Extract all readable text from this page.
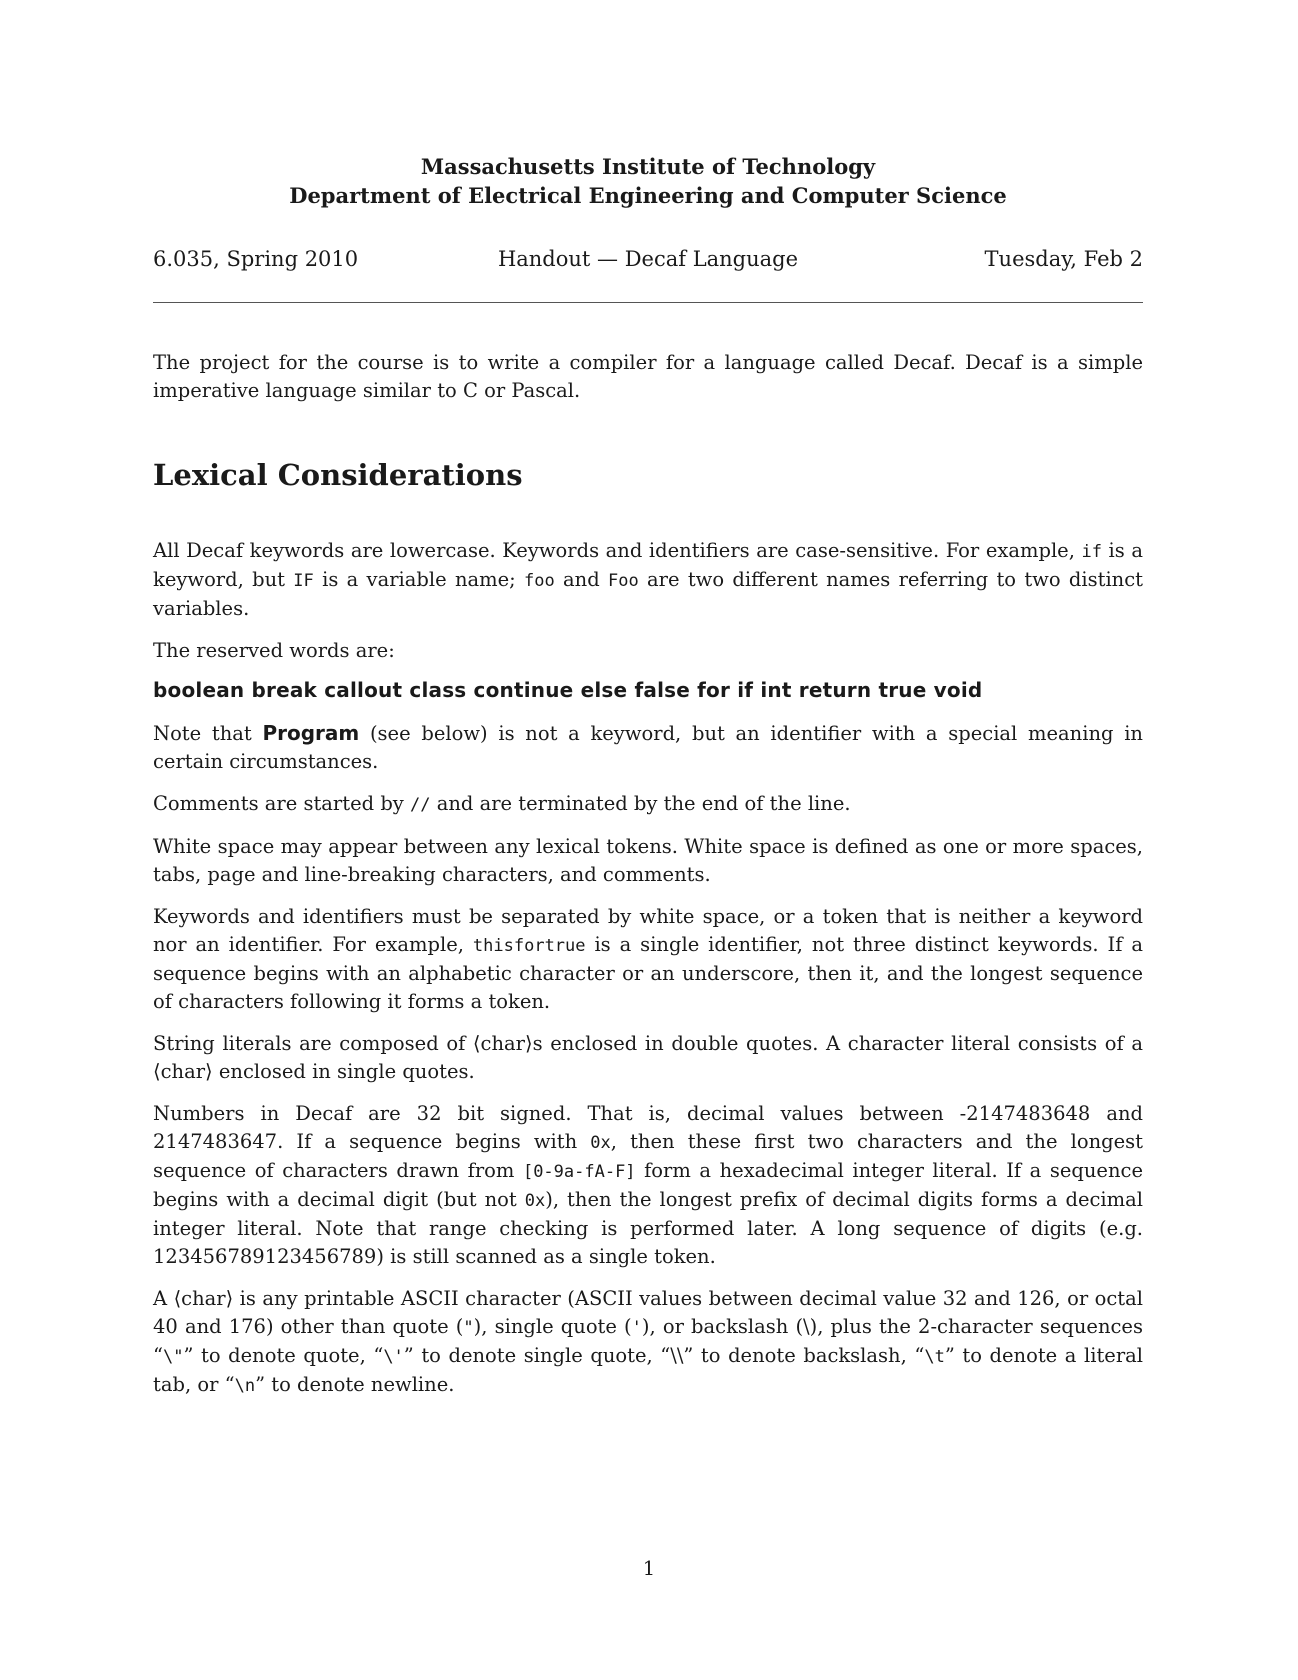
Massachusetts Institute of Technology
Department of Electrical Engineering and Computer Science
6.035, Spring 2010	Handout — Decaf Language	Tuesday, Feb 2

The project for the course is to write a compiler for a language called Decaf. Decaf is a simple imperative language similar to C or Pascal.

Lexical Considerations

All Decaf keywords are lowercase. Keywords and identifiers are case-sensitive. For example, if is a keyword, but IF is a variable name; foo and Foo are two different names referring to two distinct variables.

The reserved words are:

boolean break callout class continue else false for if int return true void

Note that Program (see below) is not a keyword, but an identifier with a special meaning in certain circumstances.

Comments are started by // and are terminated by the end of the line.

White space may appear between any lexical tokens. White space is defined as one or more spaces, tabs, page and line-breaking characters, and comments.

Keywords and identifiers must be separated by white space, or a token that is neither a keyword nor an identifier. For example, thisfortrue is a single identifier, not three distinct keywords. If a sequence begins with an alphabetic character or an underscore, then it, and the longest sequence of characters following it forms a token.

String literals are composed of ⟨char⟩s enclosed in double quotes. A character literal consists of a ⟨char⟩ enclosed in single quotes.

Numbers in Decaf are 32 bit signed. That is, decimal values between -2147483648 and 2147483647. If a sequence begins with 0x, then these first two characters and the longest sequence of characters drawn from [0-9a-fA-F] form a hexadecimal integer literal. If a sequence begins with a decimal digit (but not 0x), then the longest prefix of decimal digits forms a decimal integer literal. Note that range checking is performed later. A long sequence of digits (e.g. 123456789123456789) is still scanned as a single token.

A ⟨char⟩ is any printable ASCII character (ASCII values between decimal value 32 and 126, or octal 40 and 176) other than quote ("), single quote ('), or backslash (\), plus the 2-character sequences “\"” to denote quote, “\'” to denote single quote, “\\” to denote backslash, “\t” to denote a literal tab, or “\n” to denote newline.

1
